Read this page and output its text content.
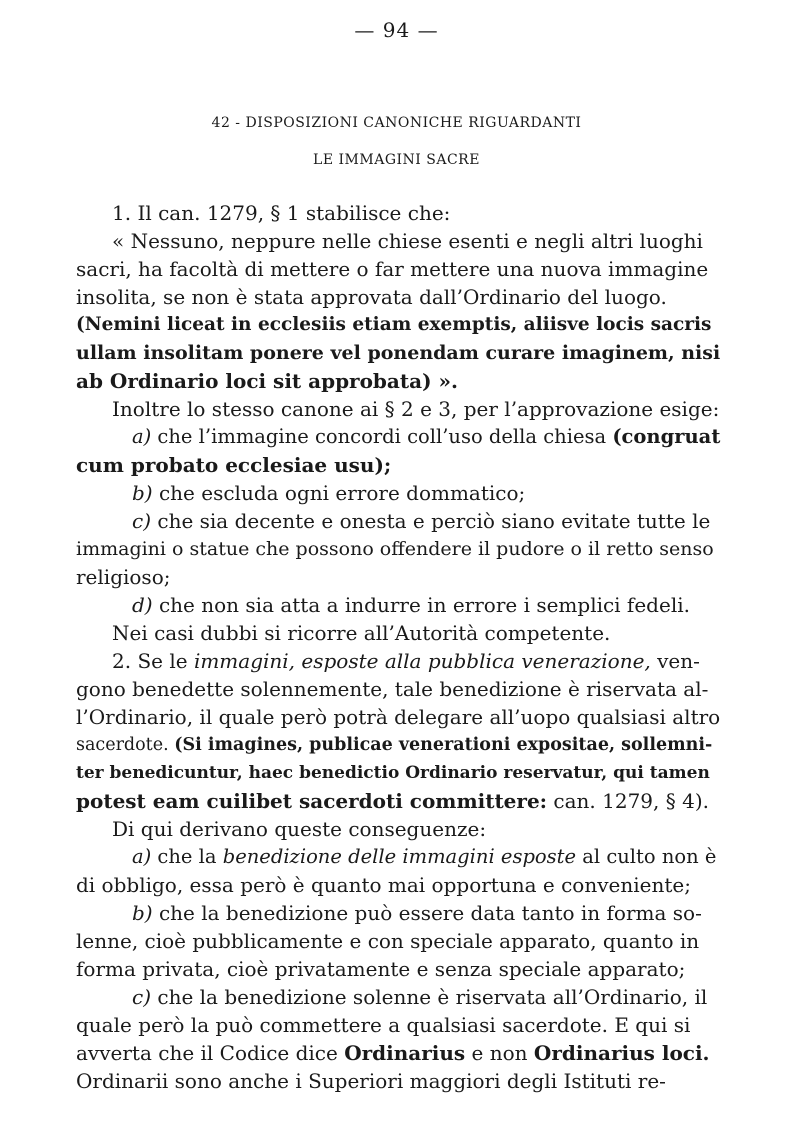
— 94 —
42 - DISPOSIZIONI CANONICHE RIGUARDANTI
LE IMMAGINI SACRE
1. Il can. 1279, § 1 stabilisce che:
« Nessuno, neppure nelle chiese esenti e negli altri luoghi
sacri, ha facoltà di mettere o far mettere una nuova immagine
insolita, se non è stata approvata dall’Ordinario del luogo.
(Nemini liceat in ecclesiis etiam exemptis, aliisve locis sacris
ullam insolitam ponere vel ponendam curare imaginem, nisi
ab Ordinario loci sit approbata) ».
Inoltre lo stesso canone ai § 2 e 3, per l’approvazione esige:
a) che l’immagine concordi coll’uso della chiesa (congruat
cum probato ecclesiae usu);
b) che escluda ogni errore dommatico;
c) che sia decente e onesta e perciò siano evitate tutte le
immagini o statue che possono offendere il pudore o il retto senso
religioso;
d) che non sia atta a indurre in errore i semplici fedeli.
Nei casi dubbi si ricorre all’Autorità competente.
2. Se le immagini, esposte alla pubblica venerazione, ven-
gono benedette solennemente, tale benedizione è riservata al-
l’Ordinario, il quale però potrà delegare all’uopo qualsiasi altro
sacerdote. (Si imagines, publicae venerationi expositae, sollemni-
ter benedicuntur, haec benedictio Ordinario reservatur, qui tamen
potest eam cuilibet sacerdoti committere: can. 1279, § 4).
Di qui derivano queste conseguenze:
a) che la benedizione delle immagini esposte al culto non è
di obbligo, essa però è quanto mai opportuna e conveniente;
b) che la benedizione può essere data tanto in forma so-
lenne, cioè pubblicamente e con speciale apparato, quanto in
forma privata, cioè privatamente e senza speciale apparato;
c) che la benedizione solenne è riservata all’Ordinario, il
quale però la può commettere a qualsiasi sacerdote. E qui si
avverta che il Codice dice Ordinarius e non Ordinarius loci.
Ordinarii sono anche i Superiori maggiori degli Istituti re-
